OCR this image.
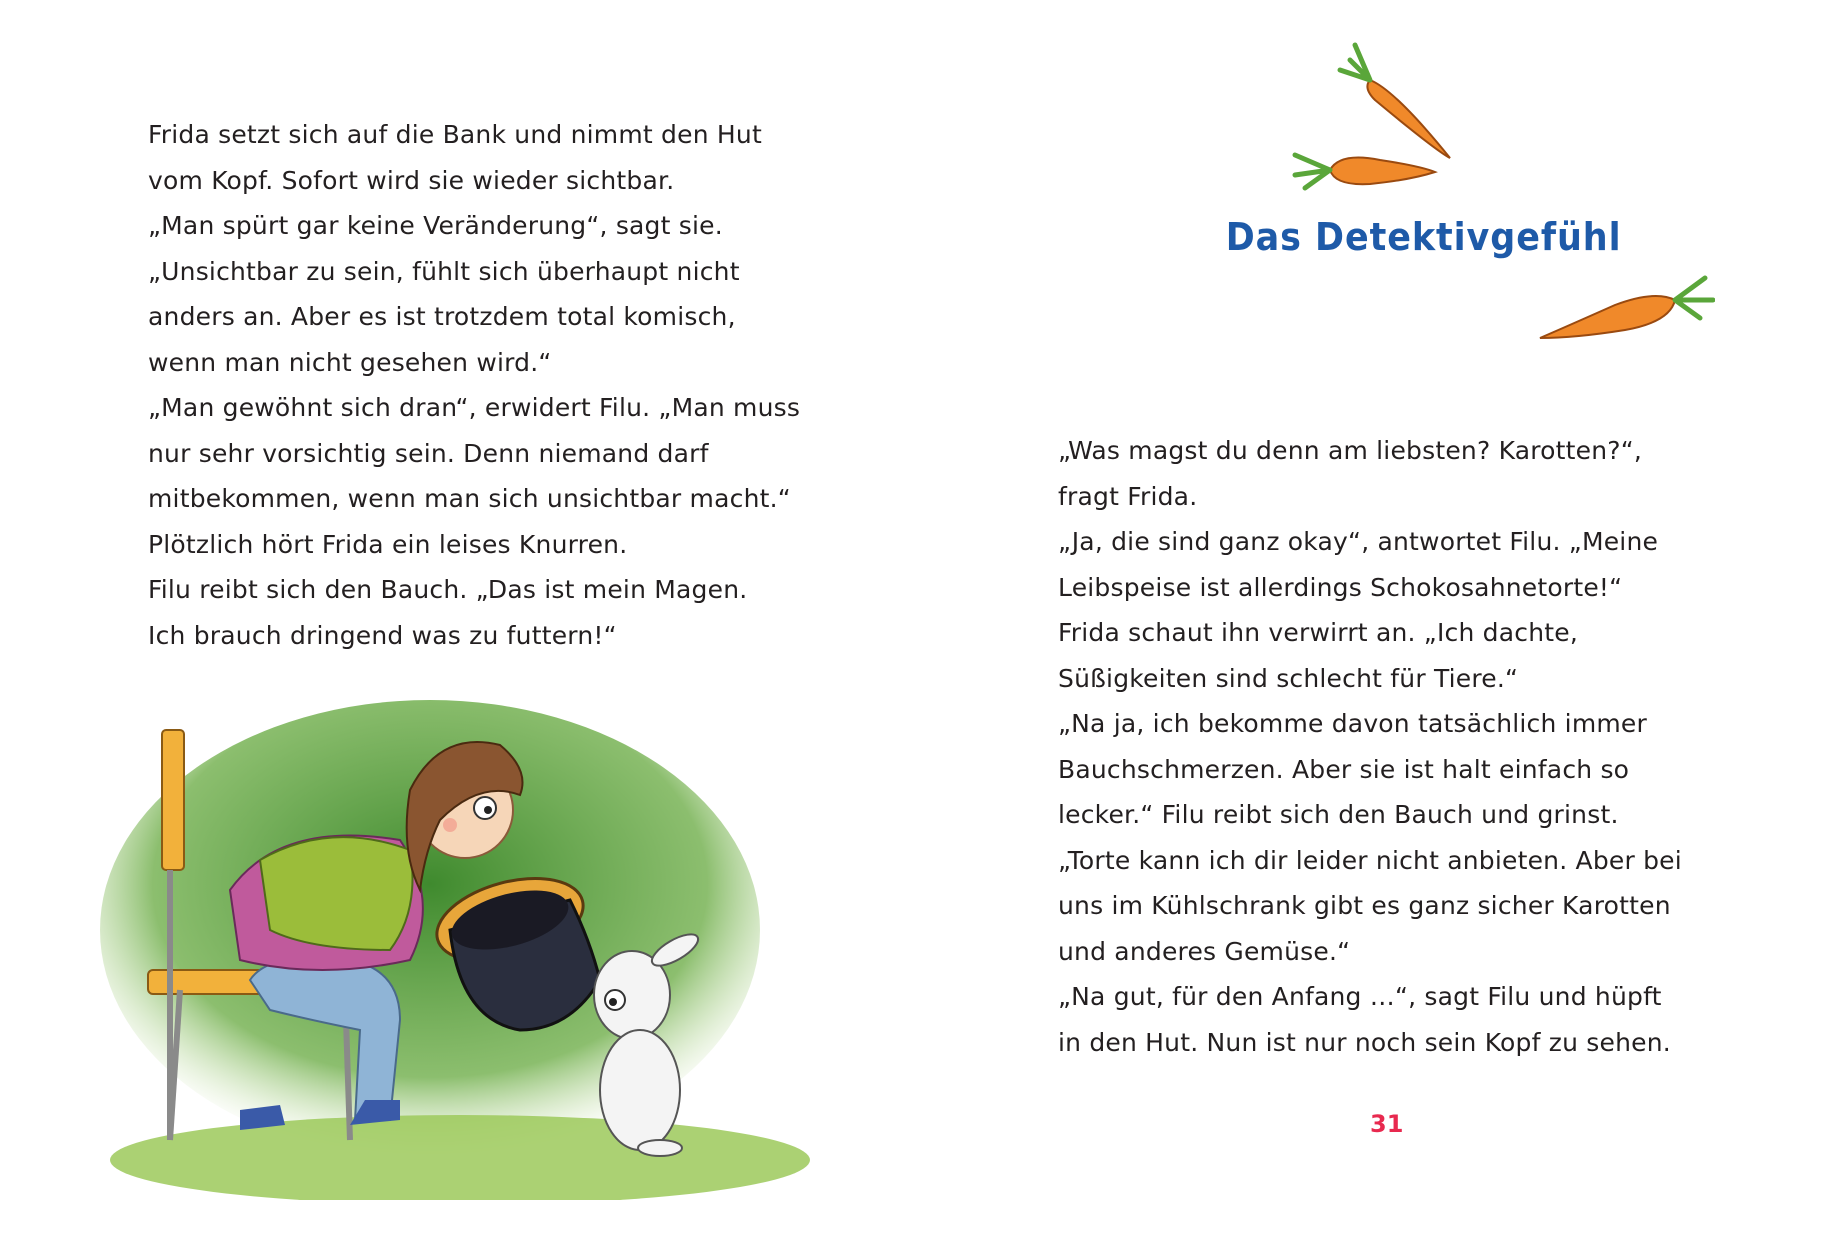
Frida setzt sich auf die Bank und nimmt den Hut

vom Kopf. Sofort wird sie wieder sichtbar.

„Man spürt gar keine Veränderung“, sagt sie.

„Unsichtbar zu sein, fühlt sich überhaupt nicht

anders an. Aber es ist trotzdem total komisch,

wenn man nicht gesehen wird.“

„Man gewöhnt sich dran“, erwidert Filu. „Man muss

nur sehr vorsichtig sein. Denn niemand darf

mitbekommen, wenn man sich unsichtbar macht.“

Plötzlich hört Frida ein leises Knurren.

Filu reibt sich den Bauch. „Das ist mein Magen.

Ich brauch dringend was zu futtern!“

Das Detektivgefühl

„Was magst du denn am liebsten? Karotten?“,

fragt Frida.

„Ja, die sind ganz okay“, antwortet Filu. „Meine

Leibspeise ist allerdings Schokosahnetorte!“

Frida schaut ihn verwirrt an. „Ich dachte,

Süßigkeiten sind schlecht für Tiere.“

„Na ja, ich bekomme davon tatsächlich immer

Bauchschmerzen. Aber sie ist halt einfach so

lecker.“ Filu reibt sich den Bauch und grinst.

„Torte kann ich dir leider nicht anbieten. Aber bei

uns im Kühlschrank gibt es ganz sicher Karotten

und anderes Gemüse.“

„Na gut, für den Anfang …“, sagt Filu und hüpft

in den Hut. Nun ist nur noch sein Kopf zu sehen.

31
